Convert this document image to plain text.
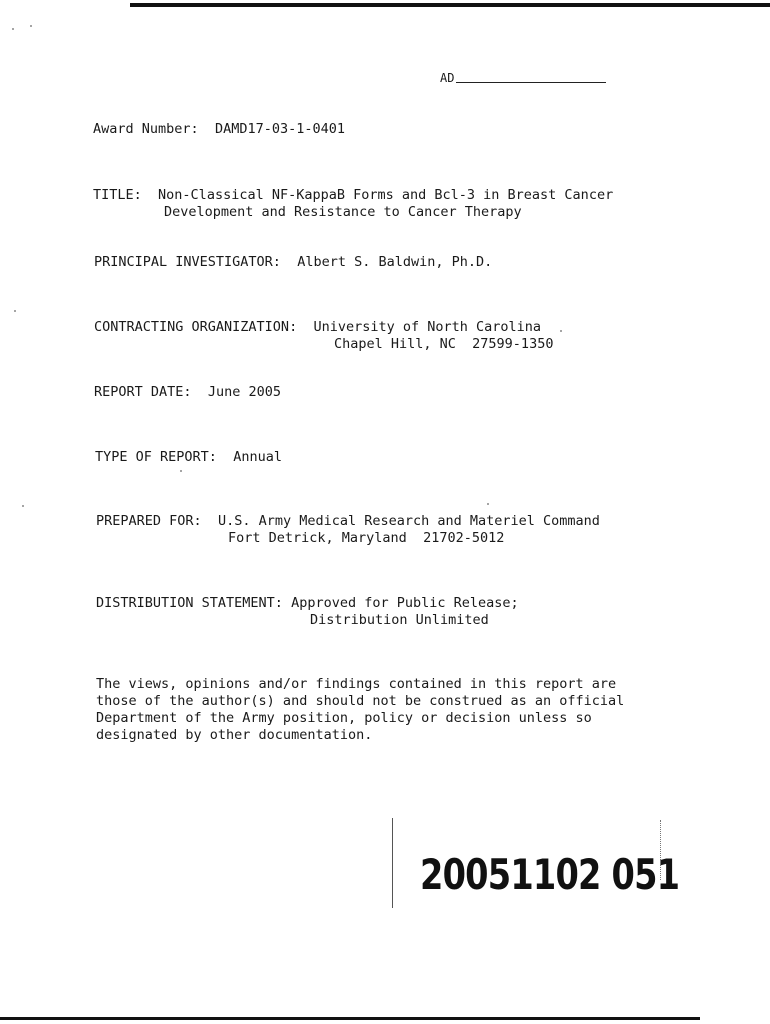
AD
Award Number: DAMD17-03-1-0401
TITLE: Non-Classical NF-KappaB Forms and Bcl-3 in Breast Cancer
Development and Resistance to Cancer Therapy
PRINCIPAL INVESTIGATOR: Albert S. Baldwin, Ph.D.
CONTRACTING ORGANIZATION: University of North Carolina
Chapel Hill, NC  27599-1350
REPORT DATE: June 2005
TYPE OF REPORT: Annual
PREPARED FOR: U.S. Army Medical Research and Materiel Command
Fort Detrick, Maryland  21702-5012
DISTRIBUTION STATEMENT: Approved for Public Release;
Distribution Unlimited
The views, opinions and/or findings contained in this report are
those of the author(s) and should not be construed as an official
Department of the Army position, policy or decision unless so
designated by other documentation.
20051102 051
